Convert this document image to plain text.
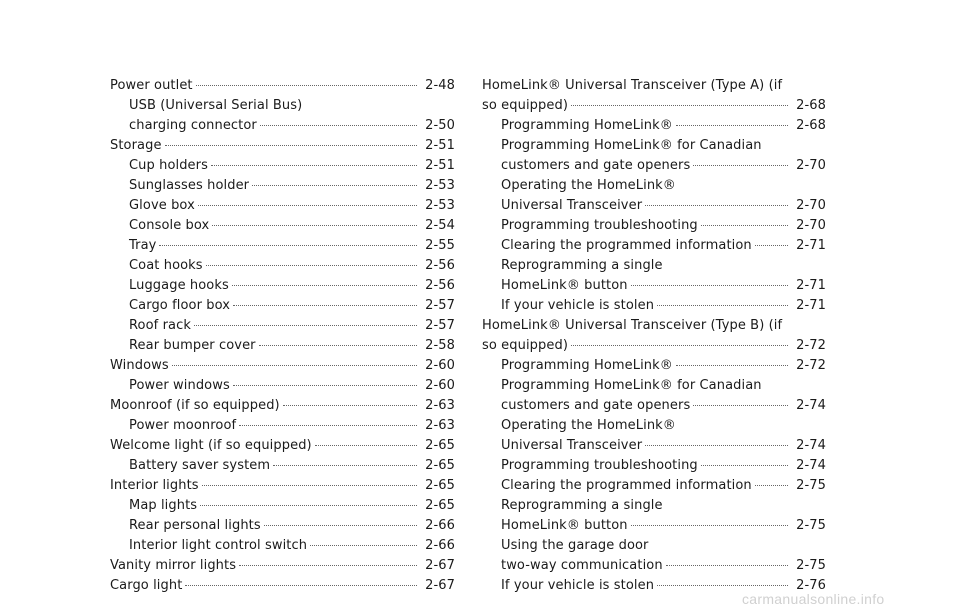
Power outlet	2-48
USB (Universal Serial Bus)
charging connector	2-50
Storage	2-51
Cup holders	2-51
Sunglasses holder	2-53
Glove box	2-53
Console box	2-54
Tray	2-55
Coat hooks	2-56
Luggage hooks	2-56
Cargo floor box	2-57
Roof rack	2-57
Rear bumper cover	2-58
Windows	2-60
Power windows	2-60
Moonroof (if so equipped)	2-63
Power moonroof	2-63
Welcome light (if so equipped)	2-65
Battery saver system	2-65
Interior lights	2-65
Map lights	2-65
Rear personal lights	2-66
Interior light control switch	2-66
Vanity mirror lights	2-67
Cargo light	2-67
HomeLink® Universal Transceiver (Type A) (if
so equipped)	2-68
Programming HomeLink®	2-68
Programming HomeLink® for Canadian
customers and gate openers	2-70
Operating the HomeLink®
Universal Transceiver	2-70
Programming troubleshooting	2-70
Clearing the programmed information	2-71
Reprogramming a single
HomeLink® button	2-71
If your vehicle is stolen	2-71
HomeLink® Universal Transceiver (Type B) (if
so equipped)	2-72
Programming HomeLink®	2-72
Programming HomeLink® for Canadian
customers and gate openers	2-74
Operating the HomeLink®
Universal Transceiver	2-74
Programming troubleshooting	2-74
Clearing the programmed information	2-75
Reprogramming a single
HomeLink® button	2-75
Using the garage door
two-way communication	2-75
If your vehicle is stolen	2-76
carmanualsonline.info
